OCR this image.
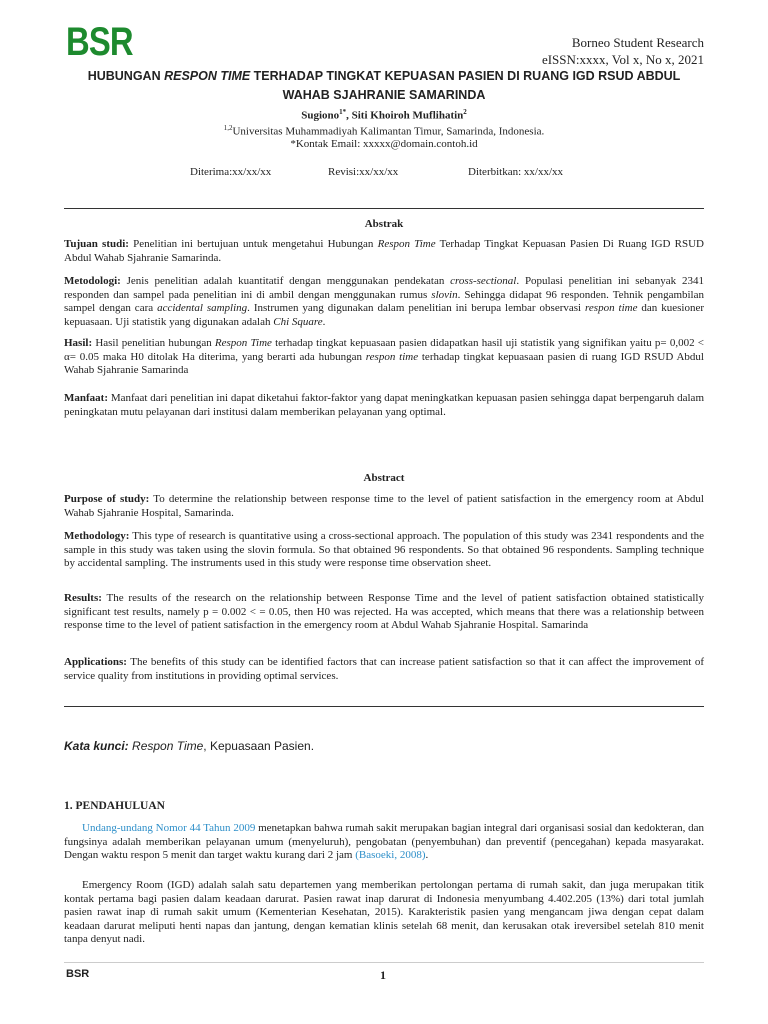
BSR	Borneo Student Research
eISSN:xxxx, Vol x, No x, 2021
HUBUNGAN RESPON TIME TERHADAP TINGKAT KEPUASAN PASIEN DI RUANG IGD RSUD ABDUL WAHAB SJAHRANIE SAMARINDA
Sugiono$^{1*}$, Siti Khoiroh Muflihatin$^2$
$^{1,2}$Universitas Muhammadiyah Kalimantan Timur, Samarinda, Indonesia.
*Kontak Email: xxxxx@domain.contoh.id
Diterima:xx/xx/xx	Revisi:xx/xx/xx	Diterbitkan: xx/xx/xx
Abstrak
Tujuan studi: Penelitian ini bertujuan untuk mengetahui Hubungan Respon Time Terhadap Tingkat Kepuasan Pasien Di Ruang IGD RSUD Abdul Wahab Sjahranie Samarinda.
Metodologi: Jenis penelitian adalah kuantitatif dengan menggunakan pendekatan cross-sectional. Populasi penelitian ini sebanyak 2341 responden dan sampel pada penelitian ini di ambil dengan menggunakan rumus slovin. Sehingga didapat 96 responden. Tehnik pengambilan sampel dengan cara accidental sampling. Instrumen yang digunakan dalam penelitian ini berupa lembar observasi respon time dan kuesioner kepuasaan. Uji statistik yang digunakan adalah Chi Square.
Hasil: Hasil penelitian hubungan Respon Time terhadap tingkat kepuasaan pasien didapatkan hasil uji statistik yang signifikan yaitu p= 0,002 < α= 0.05 maka H0 ditolak Ha diterima, yang berarti ada hubungan respon time terhadap tingkat kepuasaan pasien di ruang IGD RSUD Abdul Wahab Sjahranie Samarinda
Manfaat: Manfaat dari penelitian ini dapat diketahui faktor-faktor yang dapat meningkatkan kepuasan pasien sehingga dapat berpengaruh dalam peningkatan mutu pelayanan dari institusi dalam memberikan pelayanan yang optimal.
Abstract
Purpose of study: To determine the relationship between response time to the level of patient satisfaction in the emergency room at Abdul Wahab Sjahranie Hospital, Samarinda.
Methodology: This type of research is quantitative using a cross-sectional approach. The population of this study was 2341 respondents and the sample in this study was taken using the slovin formula. So that obtained 96 respondents. So that obtained 96 respondents. Sampling technique by accidental sampling. The instruments used in this study were response time observation sheet.
Results: The results of the research on the relationship between Response Time and the level of patient satisfaction obtained statistically significant test results, namely p = 0.002 < = 0.05, then H0 was rejected. Ha was accepted, which means that there was a relationship between response time to the level of patient satisfaction in the emergency room at Abdul Wahab Sjahranie Hospital. Samarinda
Applications: The benefits of this study can be identified factors that can increase patient satisfaction so that it can affect the improvement of service quality from institutions in providing optimal services.
Kata kunci: Respon Time, Kepuasaan Pasien.
1. PENDAHULUAN
Undang-undang Nomor 44 Tahun 2009 menetapkan bahwa rumah sakit merupakan bagian integral dari organisasi sosial dan kedokteran, dan fungsinya adalah memberikan pelayanan umum (menyeluruh), pengobatan (penyembuhan) dan preventif (pencegahan) kepada masyarakat. Dengan waktu respon 5 menit dan target waktu kurang dari 2 jam (Basoeki, 2008).
Emergency Room (IGD) adalah salah satu departemen yang memberikan pertolongan pertama di rumah sakit, dan juga merupakan titik kontak pertama bagi pasien dalam keadaan darurat. Pasien rawat inap darurat di Indonesia menyumbang 4.402.205 (13%) dari total jumlah pasien rawat inap di rumah sakit umum (Kementerian Kesehatan, 2015). Karakteristik pasien yang mengancam jiwa dengan cepat dalam keadaan darurat meliputi henti napas dan jantung, dengan kematian klinis setelah 68 menit, dan kerusakan otak ireversibel setelah 810 menit tanpa denyut nadi.
BSR	1
